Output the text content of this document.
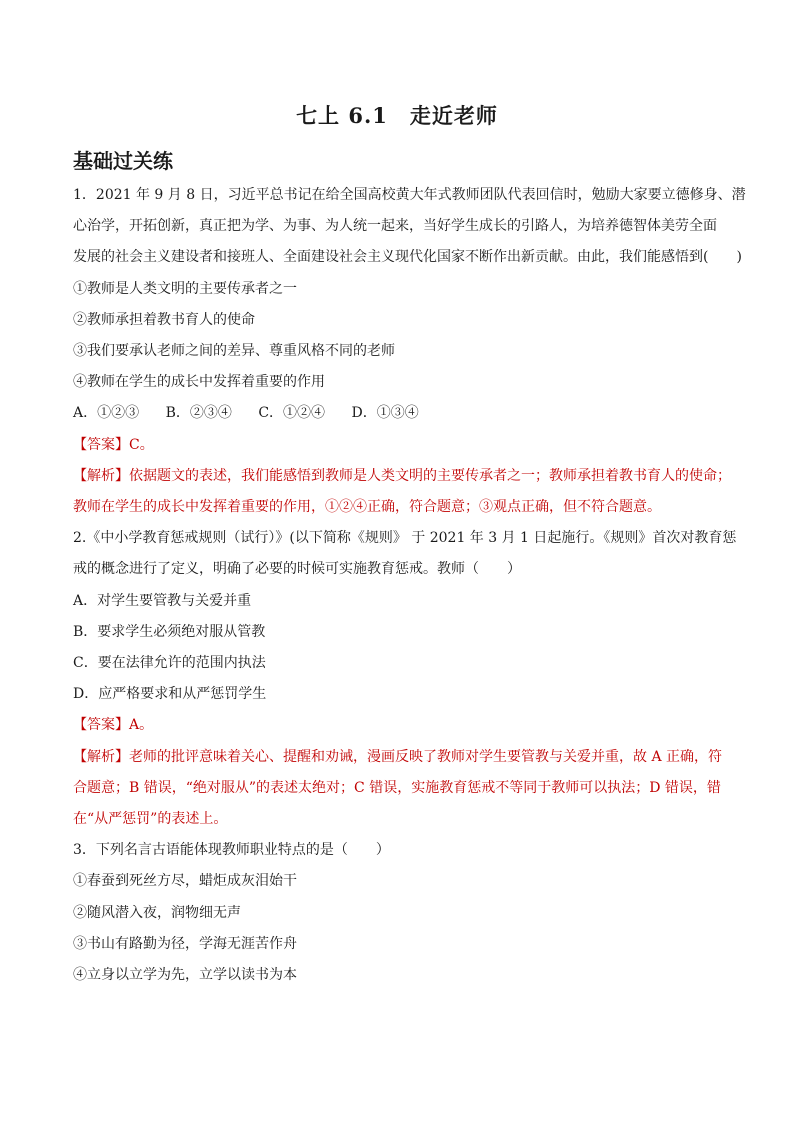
七上 6.1　走近老师
基础过关练
1．2021 年 9 月 8 日，习近平总书记在给全国高校黄大年式教师团队代表回信时，勉励大家要立德修身、潜
心治学，开拓创新，真正把为学、为事、为人统一起来，当好学生成长的引路人，为培养德智体美劳全面
发展的社会主义建设者和接班人、全面建设社会主义现代化国家不断作出新贡献。由此，我们能感悟到(　　)
①教师是人类文明的主要传承者之一
②教师承担着教书育人的使命
③我们要承认老师之间的差异、尊重风格不同的老师
④教师在学生的成长中发挥着重要的作用
A．①②③ B．②③④ C．①②④ D．①③④
【答案】C。
【解析】依据题文的表述，我们能感悟到教师是人类文明的主要传承者之一；教师承担着教书育人的使命；
教师在学生的成长中发挥着重要的作用，①②④正确，符合题意；③观点正确，但不符合题意。
2.《中小学教育惩戒规则（试行）》(以下简称《规则》 于 2021 年 3 月 1 日起施行。《规则》首次对教育惩
戒的概念进行了定义，明确了必要的时候可实施教育惩戒。教师（　　）
A．对学生要管教与关爱并重
B．要求学生必须绝对服从管教
C．要在法律允许的范围内执法
D．应严格要求和从严惩罚学生
【答案】A。
【解析】老师的批评意味着关心、提醒和劝诫，漫画反映了教师对学生要管教与关爱并重，故 A 正确，符
合题意；B 错误，“绝对服从”的表述太绝对；C 错误，实施教育惩戒不等同于教师可以执法；D 错误，错
在“从严惩罚”的表述上。
3．下列名言古语能体现教师职业特点的是（　　）
①春蚕到死丝方尽，蜡炬成灰泪始干
②随风潜入夜，润物细无声
③书山有路勤为径，学海无涯苦作舟
④立身以立学为先，立学以读书为本
